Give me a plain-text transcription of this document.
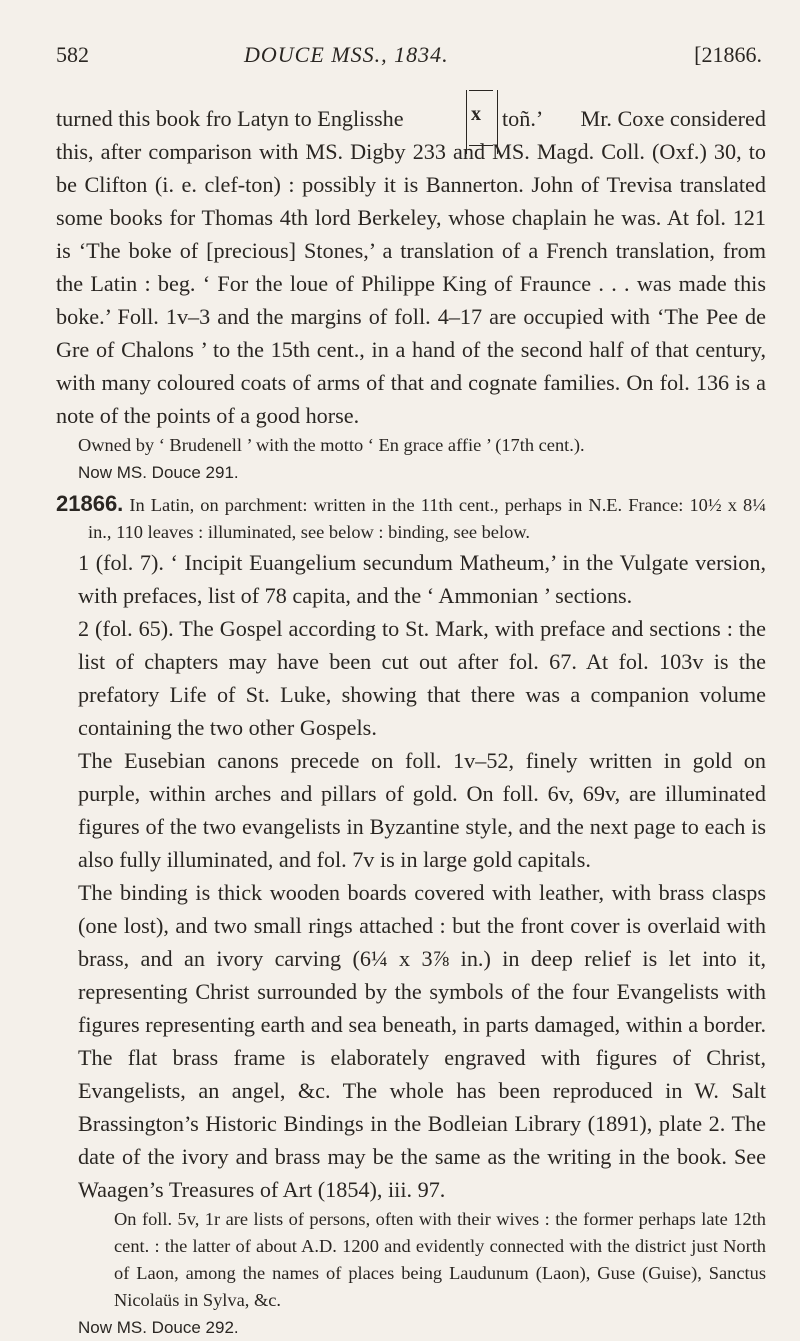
582	DOUCE MSS., 1834.	[21866.
turned this book fro Latyn to Englisshe	x toñ.’ Mr. Coxe considered

this, after comparison with MS. Digby 233 and MS. Magd. Coll. (Oxf.) 30, to be Clifton (i. e. clef-ton) : possibly it is Bannerton. John of Trevisa translated some books for Thomas 4th lord Berkeley, whose chaplain he was. At fol. 121 is ‘The boke of [precious] Stones,’ a translation of a French translation, from the Latin : beg. ‘ For the loue of Philippe King of Fraunce . . . was made this boke.’ Foll. 1v–3 and the margins of foll. 4–17 are occupied with ‘The Pee de Gre of Chalons ’ to the 15th cent., in a hand of the second half of that century, with many coloured coats of arms of that and cognate families. On fol. 136 is a note of the points of a good horse.

Owned by ‘ Brudenell ’ with the motto ‘ En grace affie ’ (17th cent.).

Now MS. Douce 291.

21866. In Latin, on parchment: written in the 11th cent., perhaps in N.E. France: 10½ x 8¼ in., 110 leaves : illuminated, see below : binding, see below.

1 (fol. 7). ‘ Incipit Euangelium secundum Matheum,’ in the Vulgate version, with prefaces, list of 78 capita, and the ‘ Ammonian ’ sections.

2 (fol. 65). The Gospel according to St. Mark, with preface and sections : the list of chapters may have been cut out after fol. 67. At fol. 103v is the prefatory Life of St. Luke, showing that there was a companion volume containing the two other Gospels.

The Eusebian canons precede on foll. 1v–52, finely written in gold on purple, within arches and pillars of gold. On foll. 6v, 69v, are illuminated figures of the two evangelists in Byzantine style, and the next page to each is also fully illuminated, and fol. 7v is in large gold capitals.

The binding is thick wooden boards covered with leather, with brass clasps (one lost), and two small rings attached : but the front cover is overlaid with brass, and an ivory carving (6¼ x 3⅞ in.) in deep relief is let into it, representing Christ surrounded by the symbols of the four Evangelists with figures representing earth and sea beneath, in parts damaged, within a border. The flat brass frame is elaborately engraved with figures of Christ, Evangelists, an angel, &c. The whole has been reproduced in W. Salt Brassington’s Historic Bindings in the Bodleian Library (1891), plate 2. The date of the ivory and brass may be the same as the writing in the book. See Waagen’s Treasures of Art (1854), iii. 97.

On foll. 5v, 1r are lists of persons, often with their wives : the former perhaps late 12th cent. : the latter of about A.D. 1200 and evidently connected with the district just North of Laon, among the names of places being Laudunum (Laon), Guse (Guise), Sanctus Nicolaüs in Sylva, &c.

Now MS. Douce 292.
